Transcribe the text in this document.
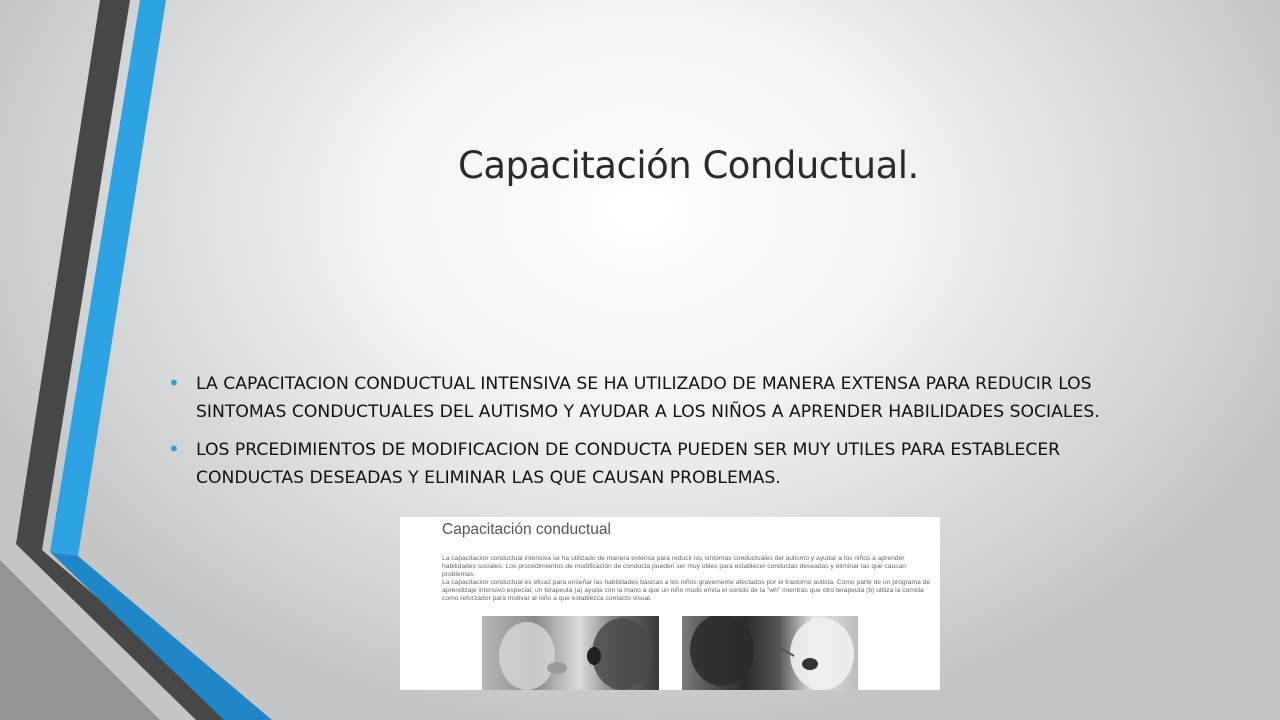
Capacitación Conductual.
• LA CAPACITACION CONDUCTUAL INTENSIVA SE HA UTILIZADO DE MANERA EXTENSA PARA REDUCIR LOS SINTOMAS CONDUCTUALES DEL AUTISMO Y AYUDAR A LOS NIÑOS A APRENDER HABILIDADES SOCIALES.
• LOS PRCEDIMIENTOS DE MODIFICACION DE CONDUCTA PUEDEN SER MUY UTILES PARA ESTABLECER CONDUCTAS DESEADAS Y ELIMINAR LAS QUE CAUSAN PROBLEMAS.
Capacitación conductual

La capacitación conductual intensiva se ha utilizado de manera extensa para reducir los síntomas conductuales del autismo y ayudar a los niños a aprender habilidades sociales. Los procedimientos de modificación de conducta pueden ser muy útiles para establecer conductas deseadas y eliminar las que causan problemas.

La capacitación conductual es eficaz para enseñar las habilidades básicas a los niños gravemente afectados por el trastorno autista. Como parte de un programa de aprendizaje intensivo especial, un terapeuta (a) ayuda con la mano a que un niño mudo emita el sonido de la "wh" mientras que otro terapeuta (b) utiliza la comida como reforzador para motivar al niño a que establezca contacto visual.
